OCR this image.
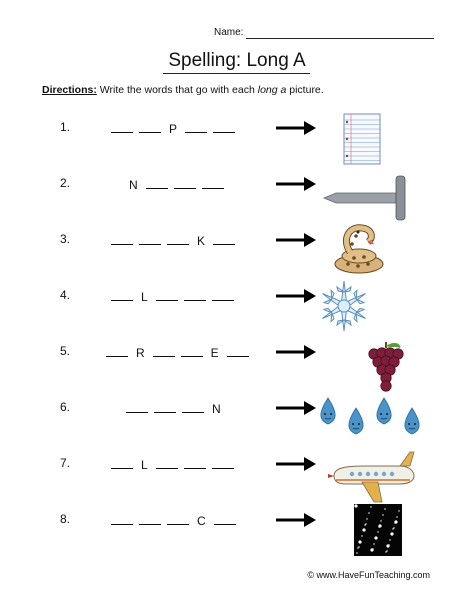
Name:
Spelling: Long A
Directions: Write the words that go with each long a picture.
1.	P
2.	N
3.	K
4.	L
5.	R	E
6.	N
7.	L
8.	C
© www.HaveFunTeaching.com
